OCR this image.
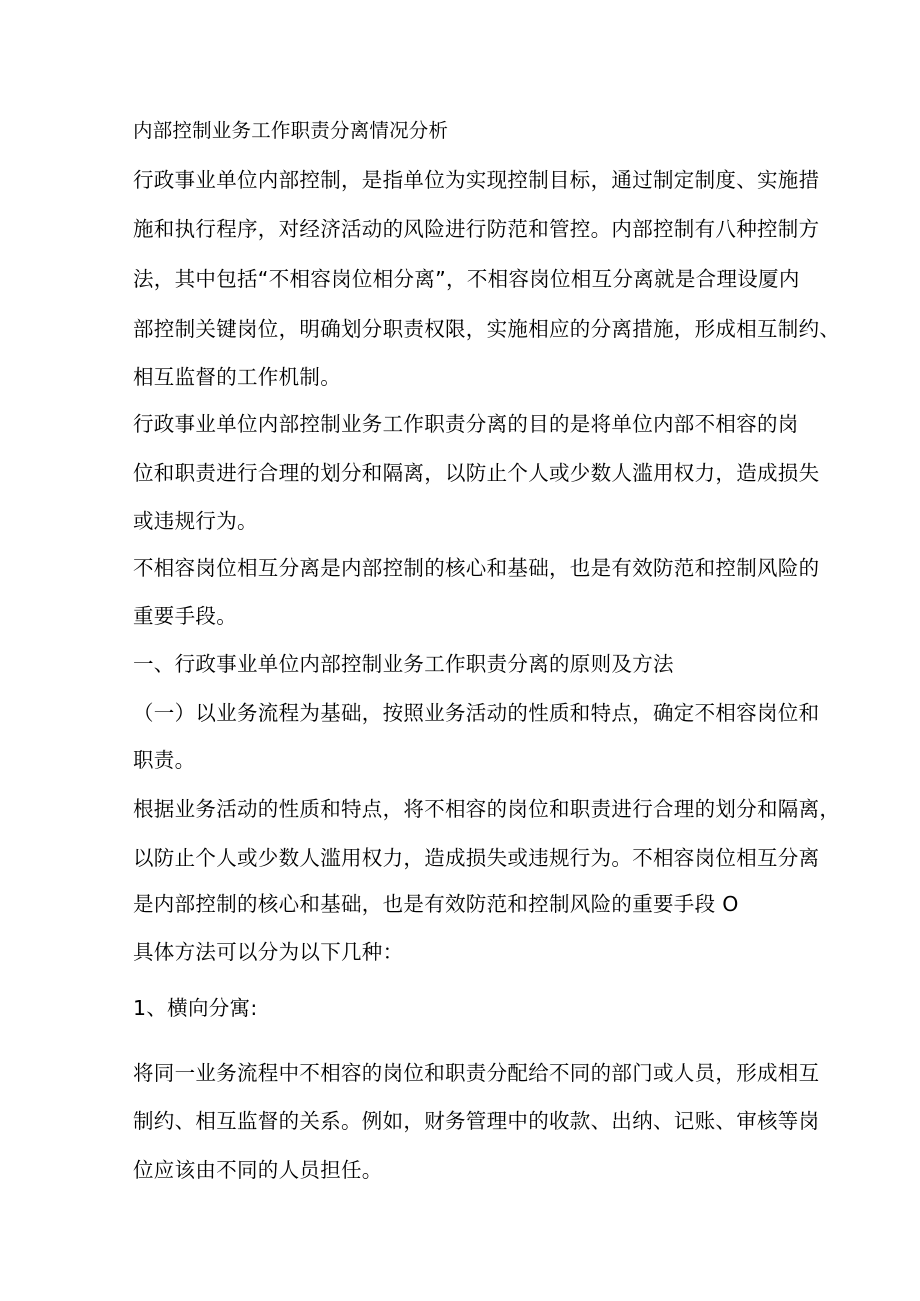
内部控制业务工作职责分离情况分析
行政事业单位内部控制，是指单位为实现控制目标，通过制定制度、实施措
施和执行程序，对经济活动的风险进行防范和管控。内部控制有八种控制方
法，其中包括“不相容岗位相分离”，不相容岗位相互分离就是合理设厦内
部控制关键岗位，明确划分职责权限，实施相应的分离措施，形成相互制约、
相互监督的工作机制。
行政事业单位内部控制业务工作职责分离的目的是将单位内部不相容的岗
位和职责进行合理的划分和隔离，以防止个人或少数人滥用权力，造成损失
或违规行为。
不相容岗位相互分离是内部控制的核心和基础，也是有效防范和控制风险的
重要手段。
一、行政事业单位内部控制业务工作职责分离的原则及方法
（一）以业务流程为基础，按照业务活动的性质和特点，确定不相容岗位和
职责。
根据业务活动的性质和特点，将不相容的岗位和职责进行合理的划分和隔离，
以防止个人或少数人滥用权力，造成损失或违规行为。不相容岗位相互分离
是内部控制的核心和基础，也是有效防范和控制风险的重要手段 O
具体方法可以分为以下几种：
1、横向分寓:
将同一业务流程中不相容的岗位和职责分配给不同的部门或人员，形成相互
制约、相互监督的关系。例如，财务管理中的收款、出纳、记账、审核等岗
位应该由不同的人员担任。
